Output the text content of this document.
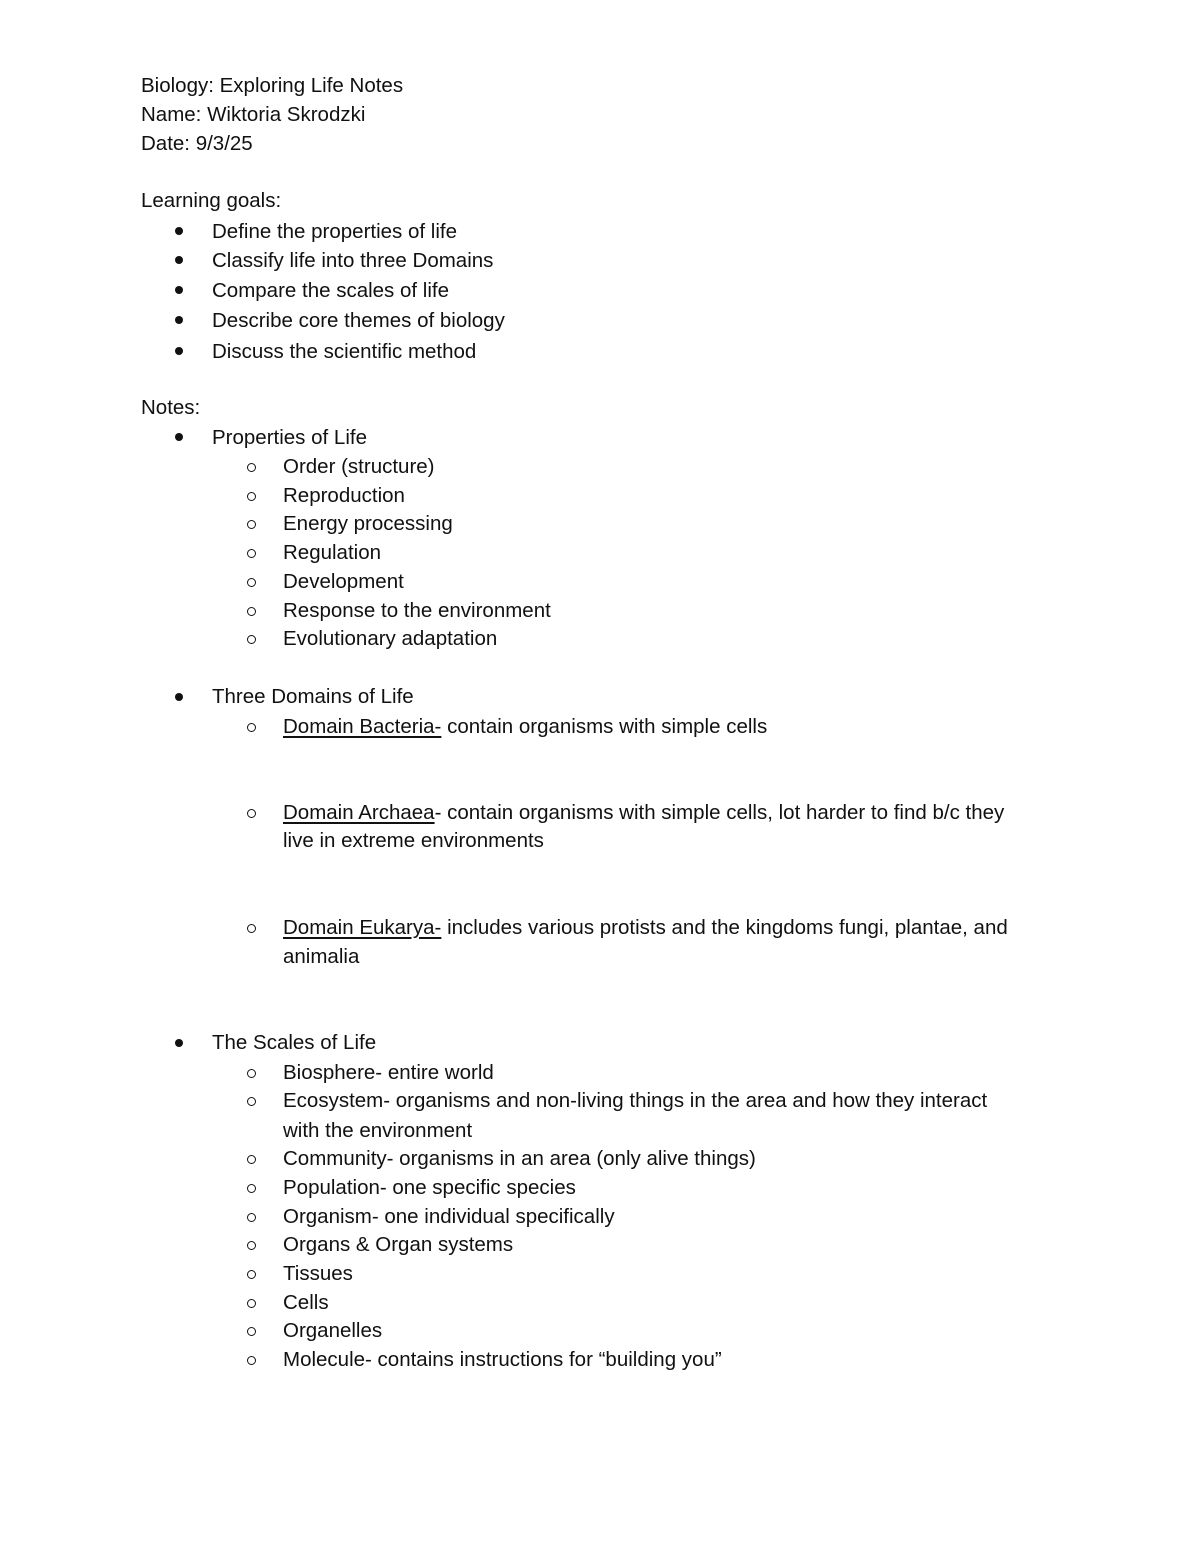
Biology: Exploring Life Notes
Name: Wiktoria Skrodzki
Date: 9/3/25
Learning goals:
Define the properties of life
Classify life into three Domains
Compare the scales of life
Describe core themes of biology
Discuss the scientific method
Notes:
Properties of Life
Order (structure)
Reproduction
Energy processing
Regulation
Development
Response to the environment
Evolutionary adaptation
Three Domains of Life
Domain Bacteria- contain organisms with simple cells
Domain Archaea- contain organisms with simple cells, lot harder to find b/c they
live in extreme environments
Domain Eukarya- includes various protists and the kingdoms fungi, plantae, and
animalia
The Scales of Life
Biosphere- entire world
Ecosystem- organisms and non-living things in the area and how they interact
with the environment
Community- organisms in an area (only alive things)
Population- one specific species
Organism- one individual specifically
Organs & Organ systems
Tissues
Cells
Organelles
Molecule- contains instructions for “building you”
